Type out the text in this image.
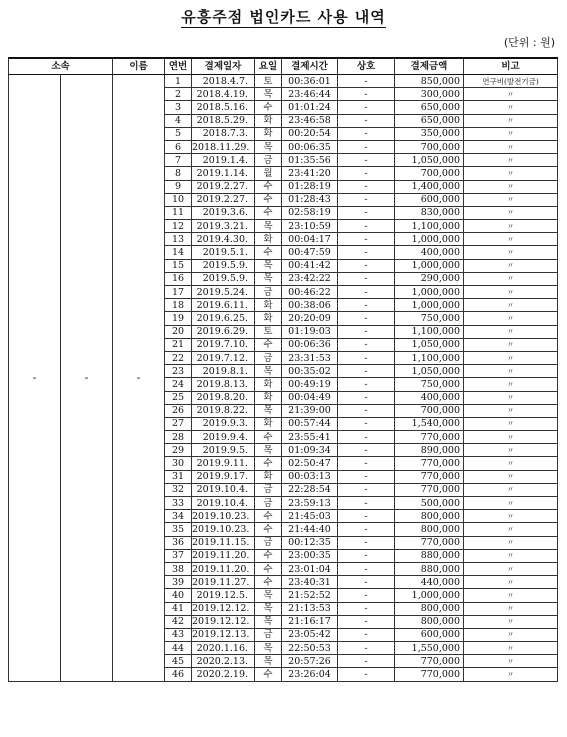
유흥주점 법인카드 사용 내역
(단위 : 원)
소속		이름	연번	결제일자	요일	결제시간	상호	결제금액	비고
-	-	-	1	2018.4.7.	토	00:36:01	-	850,000	연구비(발전기금)
			2	2018.4.19.	목	23:46:44	-	300,000	〃
			3	2018.5.16.	수	01:01:24	-	650,000	〃
			4	2018.5.29.	화	23:46:58	-	650,000	〃
			5	2018.7.3.	화	00:20:54	-	350,000	〃
			6	2018.11.29.	목	00:06:35	-	700,000	〃
			7	2019.1.4.	금	01:35:56	-	1,050,000	〃
			8	2019.1.14.	월	23:41:20	-	700,000	〃
			9	2019.2.27.	수	01:28:19	-	1,400,000	〃
			10	2019.2.27.	수	01:28:43	-	600,000	〃
			11	2019.3.6.	수	02:58:19	-	830,000	〃
			12	2019.3.21.	목	23:10:59	-	1,100,000	〃
			13	2019.4.30.	화	00:04:17	-	1,000,000	〃
			14	2019.5.1.	수	00:47:59	-	400,000	〃
			15	2019.5.9.	목	00:41:42	-	1,000,000	〃
			16	2019.5.9.	목	23:42:22	-	290,000	〃
			17	2019.5.24.	금	00:46:22	-	1,000,000	〃
			18	2019.6.11.	화	00:38:06	-	1,000,000	〃
			19	2019.6.25.	화	20:20:09	-	750,000	〃
			20	2019.6.29.	토	01:19:03	-	1,100,000	〃
			21	2019.7.10.	수	00:06:36	-	1,050,000	〃
			22	2019.7.12.	금	23:31:53	-	1,100,000	〃
			23	2019.8.1.	목	00:35:02	-	1,050,000	〃
			24	2019.8.13.	화	00:49:19	-	750,000	〃
			25	2019.8.20.	화	00:04:49	-	400,000	〃
			26	2019.8.22.	목	21:39:00	-	700,000	〃
			27	2019.9.3.	화	00:57:44	-	1,540,000	〃
			28	2019.9.4.	수	23:55:41	-	770,000	〃
			29	2019.9.5.	목	01:09:34	-	890,000	〃
			30	2019.9.11.	수	02:50:47	-	770,000	〃
			31	2019.9.17.	화	00:03:13	-	770,000	〃
			32	2019.10.4.	금	22:28:54	-	770,000	〃
			33	2019.10.4.	금	23:59:13	-	500,000	〃
			34	2019.10.23.	수	21:45:03	-	800,000	〃
			35	2019.10.23.	수	21:44:40	-	800,000	〃
			36	2019.11.15.	금	00:12:35	-	770,000	〃
			37	2019.11.20.	수	23:00:35	-	880,000	〃
			38	2019.11.20.	수	23:01:04	-	880,000	〃
			39	2019.11.27.	수	23:40:31	-	440,000	〃
			40	2019.12.5.	목	21:52:52	-	1,000,000	〃
			41	2019.12.12.	목	21:13:53	-	800,000	〃
			42	2019.12.12.	목	21:16:17	-	800,000	〃
			43	2019.12.13.	금	23:05:42	-	600,000	〃
			44	2020.1.16.	목	22:50:53	-	1,550,000	〃
			45	2020.2.13.	목	20:57:26	-	770,000	〃
			46	2020.2.19.	수	23:26:04	-	770,000	〃
